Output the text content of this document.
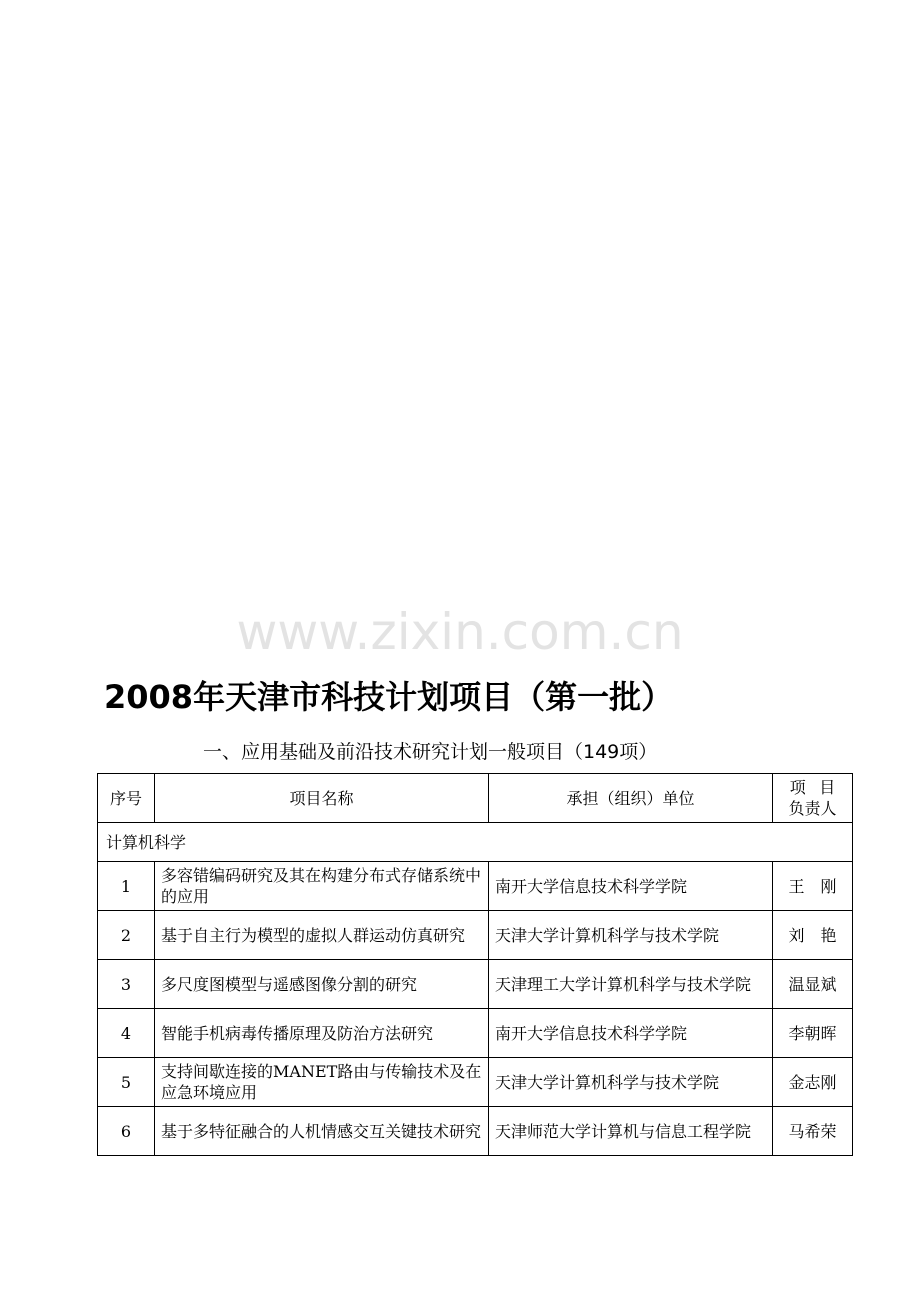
www.zixin.com.cn
2008年天津市科技计划项目（第一批）
一、应用基础及前沿技术研究计划一般项目（149项）
序号	项目名称	承担（组织）单位	项 目
负责人

计算机科学			
1	多容错编码研究及其在构建分布式存储系统中的应用	南开大学信息技术科学学院	王　刚
2	基于自主行为模型的虚拟人群运动仿真研究	天津大学计算机科学与技术学院	刘　艳
3	多尺度图模型与遥感图像分割的研究	天津理工大学计算机科学与技术学院	温显斌
4	智能手机病毒传播原理及防治方法研究	南开大学信息技术科学学院	李朝晖
5	支持间歇连接的MANET路由与传输技术及在应急环境应用	天津大学计算机科学与技术学院	金志刚
6	基于多特征融合的人机情感交互关键技术研究	天津师范大学计算机与信息工程学院	马希荣
